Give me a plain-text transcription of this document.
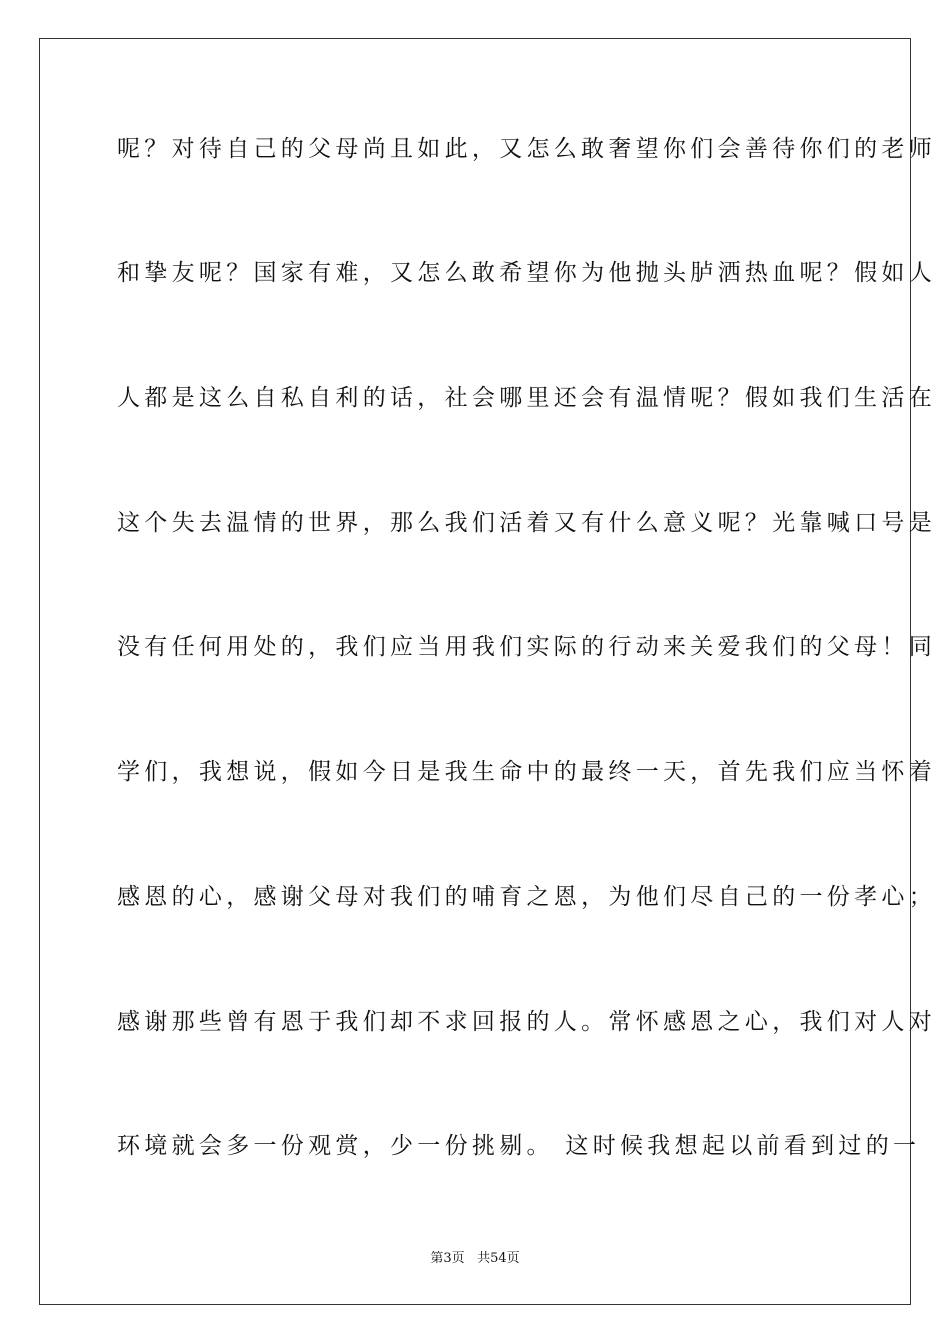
呢？对待自己的父母尚且如此，又怎么敢奢望你们会善待你们的老师
和挚友呢？国家有难，又怎么敢希望你为他抛头胪洒热血呢？假如人
人都是这么自私自利的话，社会哪里还会有温情呢？假如我们生活在
这个失去温情的世界，那么我们活着又有什么意义呢？光靠喊口号是
没有任何用处的，我们应当用我们实际的行动来关爱我们的父母！同
学们，我想说，假如今日是我生命中的最终一天，首先我们应当怀着
感恩的心，感谢父母对我们的哺育之恩，为他们尽自己的一份孝心；
感谢那些曾有恩于我们却不求回报的人。常怀感恩之心，我们对人对
环境就会多一份观赏，少一份挑剔。 这时候我想起以前看到过的一
第3页 共54页
